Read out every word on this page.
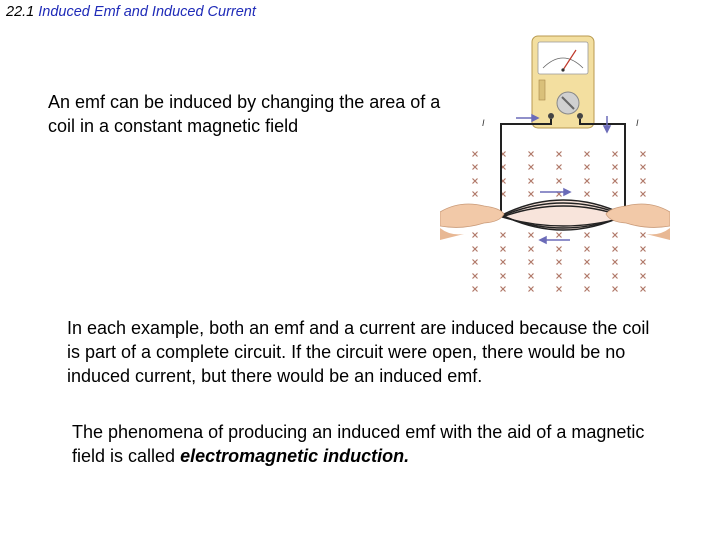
22.1 Induced Emf and Induced Current
An emf can be induced by changing the area of a coil in a constant magnetic field	I	I
In each example, both an emf and a current are induced because the coil is part of a complete circuit. If the circuit were open, there would be no induced current, but there would be an induced emf.
The phenomena of producing an induced emf with the aid of a magnetic field is called electromagnetic induction.
